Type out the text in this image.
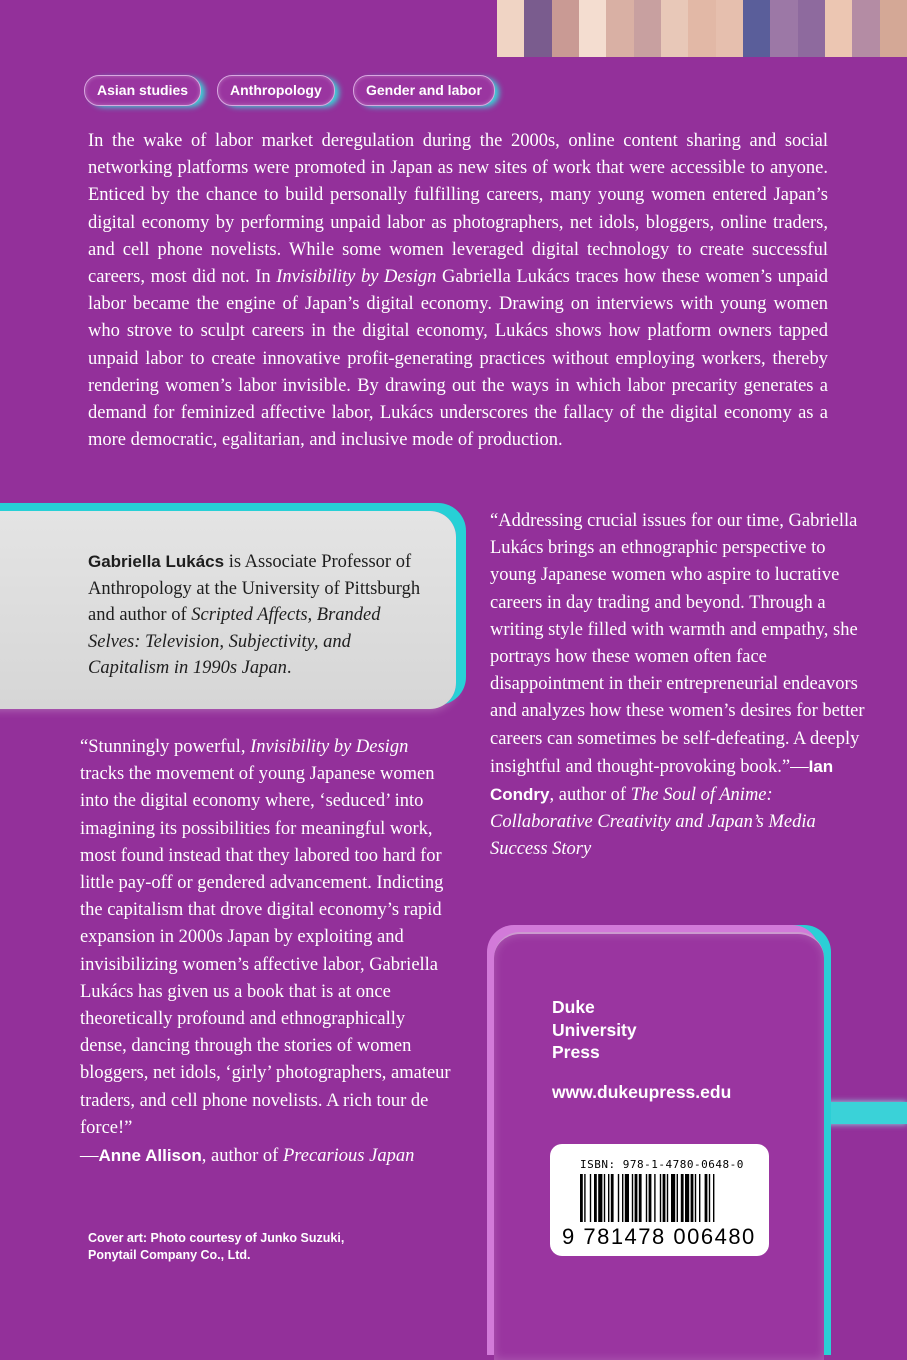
Asian studies	Anthropology	Gender and labor

In the wake of labor market deregulation during the 2000s, online content sharing and social networking platforms were promoted in Japan as new sites of work that were accessible to anyone. Enticed by the chance to build personally fulfilling careers, many young women entered Japan’s digital economy by performing unpaid labor as photographers, net idols, bloggers, online traders, and cell phone novelists. While some women leveraged digital technology to create successful careers, most did not. In Invisibility by Design Gabriella Lukács traces how these women’s unpaid labor became the engine of Japan’s digital economy. Drawing on interviews with young women who strove to sculpt careers in the digital economy, Lukács shows how platform owners tapped unpaid labor to create innovative profit-generating practices without employing workers, thereby rendering women’s labor invisible. By drawing out the ways in which labor precarity generates a demand for feminized affective labor, Lukács underscores the fallacy of the digital economy as a more democratic, egalitarian, and inclusive mode of production.

Gabriella Lukács is Associate Professor of Anthropology at the University of Pittsburgh and author of Scripted Affects, Branded Selves: Television, Subjectivity, and Capitalism in 1990s Japan.

“Stunningly powerful, Invisibility by Design tracks the movement of young Japanese women into the digital economy where, ‘seduced’ into imagining its possibilities for meaningful work, most found instead that they labored too hard for little pay-off or gendered advancement. Indicting the capitalism that drove digital economy’s rapid expansion in 2000s Japan by exploiting and invisibilizing women’s affective labor, Gabriella Lukács has given us a book that is at once theoretically profound and ethnographically dense, dancing through the stories of women bloggers, net idols, ‘girly’ photographers, amateur traders, and cell phone novelists. A rich tour de force!”
—Anne Allison, author of Precarious Japan

“Addressing crucial issues for our time, Gabriella Lukács brings an ethnographic perspective to young Japanese women who aspire to lucrative careers in day trading and beyond. Through a writing style filled with warmth and empathy, she portrays how these women often face disappointment in their entrepreneurial endeavors and analyzes how these women’s desires for better careers can sometimes be self-defeating. A deeply insightful and thought-provoking book.”—Ian Condry, author of The Soul of Anime: Collaborative Creativity and Japan’s Media Success Story

Cover art: Photo courtesy of Junko Suzuki,
Ponytail Company Co., Ltd.

Duke
University
Press

www.dukeupress.edu
ISBN: 978-1-4780-0648-0
9 781478 006480
